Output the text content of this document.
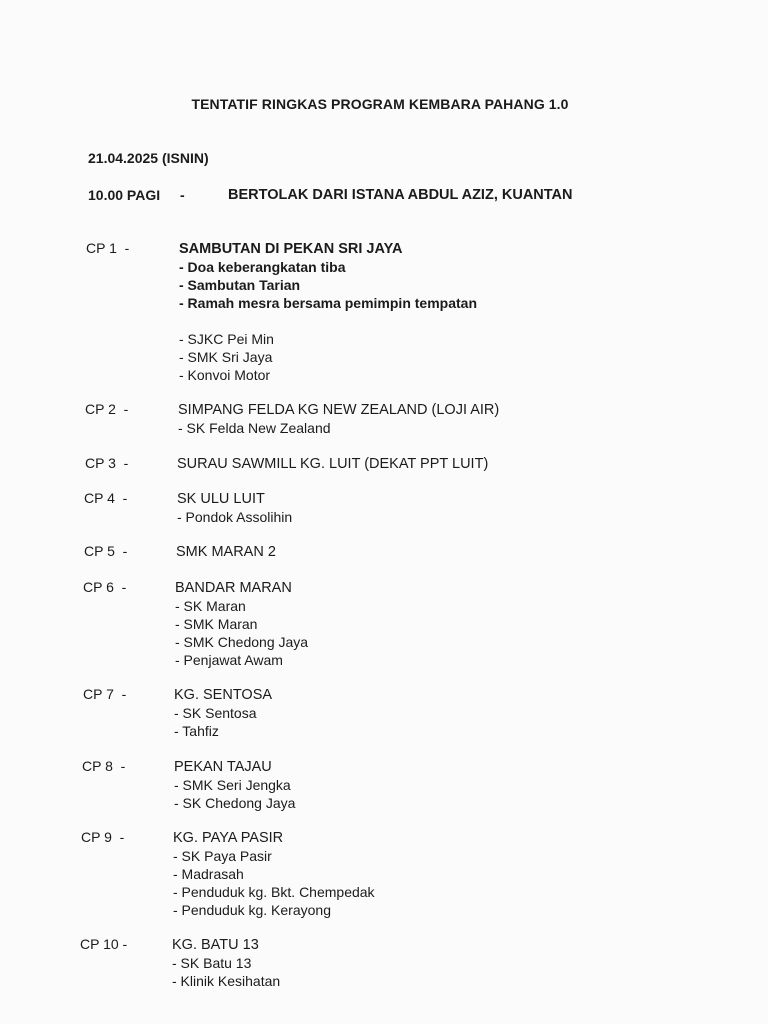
TENTATIF RINGKAS PROGRAM KEMBARA PAHANG 1.0
21.04.2025 (ISNIN)
10.00 PAGI -	BERTOLAK DARI ISTANA ABDUL AZIZ, KUANTAN
CP 1  -	SAMBUTAN DI PEKAN SRI JAYA
- Doa keberangkatan tiba
- Sambutan Tarian
- Ramah mesra bersama pemimpin tempatan
- SJKC Pei Min
- SMK Sri Jaya
- Konvoi Motor
CP 2  -	SIMPANG FELDA KG NEW ZEALAND (LOJI AIR)
- SK Felda New Zealand
CP 3  -	SURAU SAWMILL KG. LUIT (DEKAT PPT LUIT)
CP 4  -	SK ULU LUIT
- Pondok Assolihin
CP 5  -	SMK MARAN 2
CP 6  -	BANDAR MARAN
- SK Maran
- SMK Maran
- SMK Chedong Jaya
- Penjawat Awam
CP 7  -	KG. SENTOSA
- SK Sentosa
- Tahfiz
CP 8  -	PEKAN TAJAU
- SMK Seri Jengka
- SK Chedong Jaya
CP 9  -	KG. PAYA PASIR
- SK Paya Pasir
- Madrasah
- Penduduk kg. Bkt. Chempedak
- Penduduk kg. Kerayong
CP 10 -	KG. BATU 13
- SK Batu 13
- Klinik Kesihatan
